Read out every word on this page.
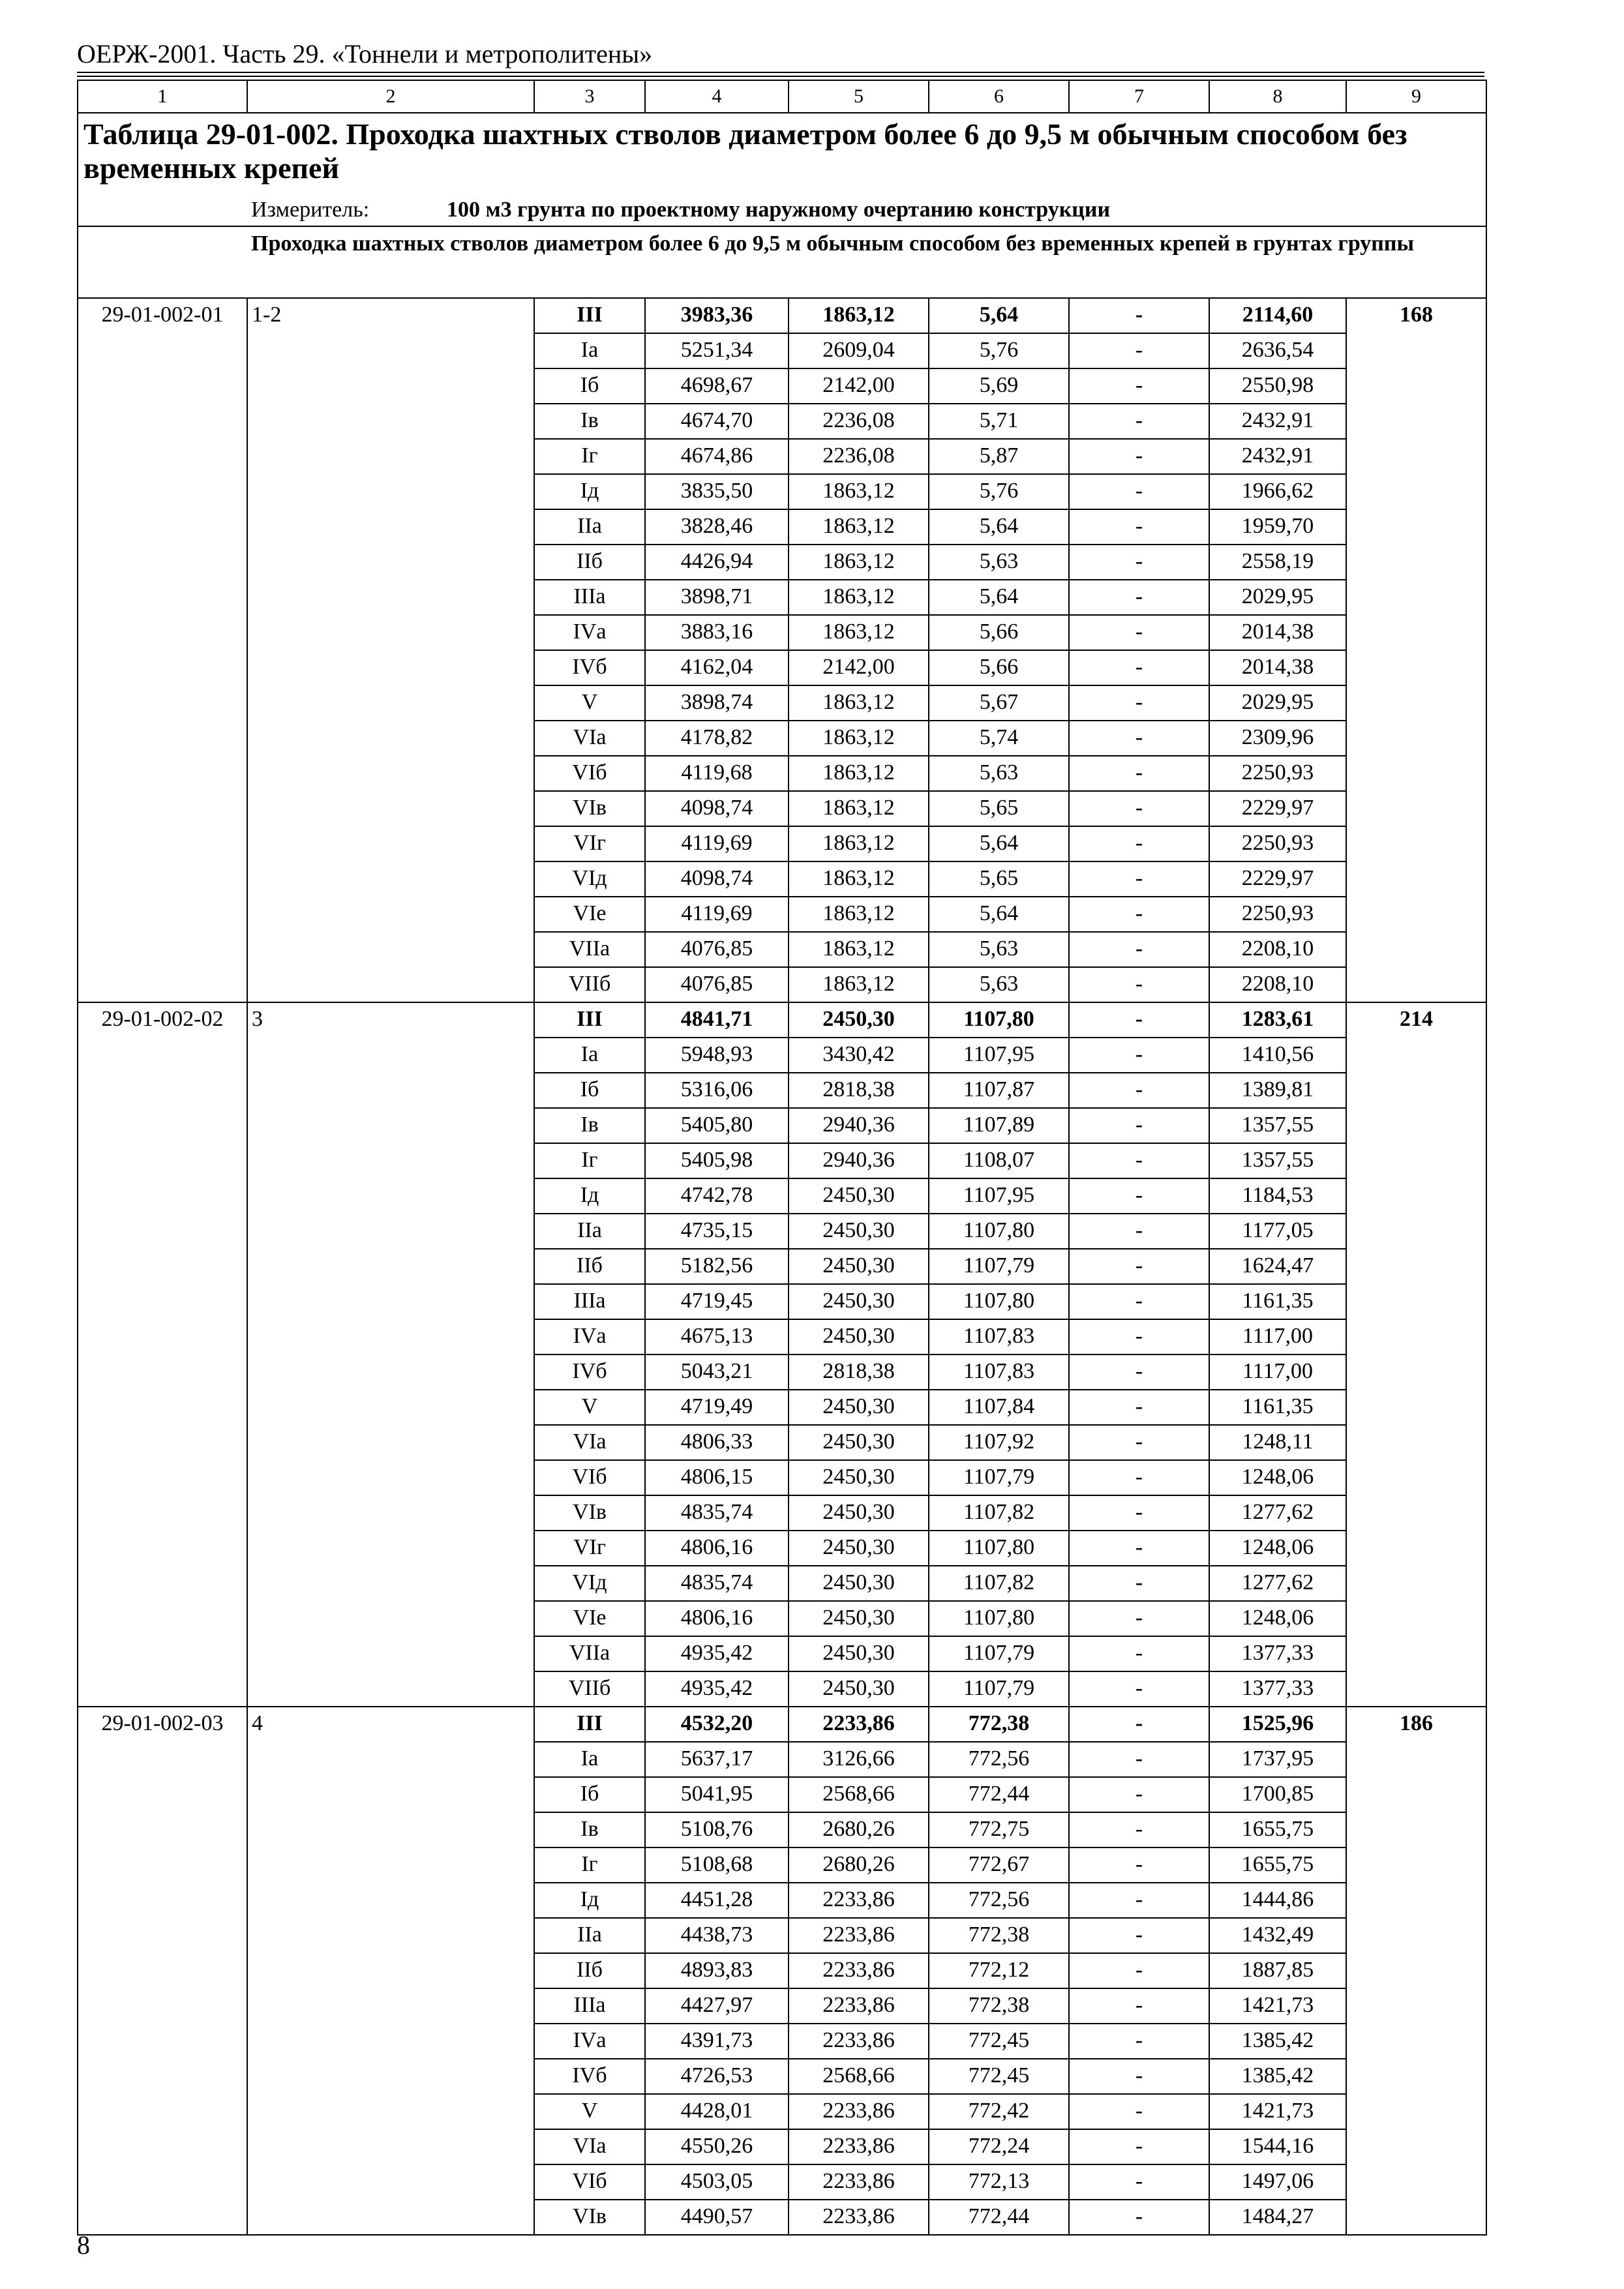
ОЕРЖ-2001. Часть 29. «Тоннели и метрополитены»
1	2	3	4	5	6	7	8	9
Таблица 29-01-002. Проходка шахтных стволов диаметром более 6 до 9,5 м обычным способом без временных крепей								
	Измеритель: 100 м3 грунта по проектному наружному очертанию конструкции							
	Проходка шахтных стволов диаметром более 6 до 9,5 м обычным способом без временных крепей в грунтах группы							
29-01-002-01	1-2	III	3983,36	1863,12	5,64	-	2114,60	168
		Iа	5251,34	2609,04	5,76	-	2636,54	
		Iб	4698,67	2142,00	5,69	-	2550,98	
		Iв	4674,70	2236,08	5,71	-	2432,91	
		Iг	4674,86	2236,08	5,87	-	2432,91	
		Iд	3835,50	1863,12	5,76	-	1966,62	
		IIа	3828,46	1863,12	5,64	-	1959,70	
		IIб	4426,94	1863,12	5,63	-	2558,19	
		IIIа	3898,71	1863,12	5,64	-	2029,95	
		IVа	3883,16	1863,12	5,66	-	2014,38	
		IVб	4162,04	2142,00	5,66	-	2014,38	
		V	3898,74	1863,12	5,67	-	2029,95	
		VIа	4178,82	1863,12	5,74	-	2309,96	
		VIб	4119,68	1863,12	5,63	-	2250,93	
		VIв	4098,74	1863,12	5,65	-	2229,97	
		VIг	4119,69	1863,12	5,64	-	2250,93	
		VIд	4098,74	1863,12	5,65	-	2229,97	
		VIе	4119,69	1863,12	5,64	-	2250,93	
		VIIа	4076,85	1863,12	5,63	-	2208,10	
		VIIб	4076,85	1863,12	5,63	-	2208,10	
29-01-002-02	3	III	4841,71	2450,30	1107,80	-	1283,61	214
		Iа	5948,93	3430,42	1107,95	-	1410,56	
		Iб	5316,06	2818,38	1107,87	-	1389,81	
		Iв	5405,80	2940,36	1107,89	-	1357,55	
		Iг	5405,98	2940,36	1108,07	-	1357,55	
		Iд	4742,78	2450,30	1107,95	-	1184,53	
		IIа	4735,15	2450,30	1107,80	-	1177,05	
		IIб	5182,56	2450,30	1107,79	-	1624,47	
		IIIа	4719,45	2450,30	1107,80	-	1161,35	
		IVа	4675,13	2450,30	1107,83	-	1117,00	
		IVб	5043,21	2818,38	1107,83	-	1117,00	
		V	4719,49	2450,30	1107,84	-	1161,35	
		VIа	4806,33	2450,30	1107,92	-	1248,11	
		VIб	4806,15	2450,30	1107,79	-	1248,06	
		VIв	4835,74	2450,30	1107,82	-	1277,62	
		VIг	4806,16	2450,30	1107,80	-	1248,06	
		VIд	4835,74	2450,30	1107,82	-	1277,62	
		VIе	4806,16	2450,30	1107,80	-	1248,06	
		VIIа	4935,42	2450,30	1107,79	-	1377,33	
		VIIб	4935,42	2450,30	1107,79	-	1377,33	
29-01-002-03	4	III	4532,20	2233,86	772,38	-	1525,96	186
		Iа	5637,17	3126,66	772,56	-	1737,95	
		Iб	5041,95	2568,66	772,44	-	1700,85	
		Iв	5108,76	2680,26	772,75	-	1655,75	
		Iг	5108,68	2680,26	772,67	-	1655,75	
		Iд	4451,28	2233,86	772,56	-	1444,86	
		IIа	4438,73	2233,86	772,38	-	1432,49	
		IIб	4893,83	2233,86	772,12	-	1887,85	
		IIIа	4427,97	2233,86	772,38	-	1421,73	
		IVа	4391,73	2233,86	772,45	-	1385,42	
		IVб	4726,53	2568,66	772,45	-	1385,42	
		V	4428,01	2233,86	772,42	-	1421,73	
		VIа	4550,26	2233,86	772,24	-	1544,16	
		VIб	4503,05	2233,86	772,13	-	1497,06	
		VIв	4490,57	2233,86	772,44	-	1484,27	
8
